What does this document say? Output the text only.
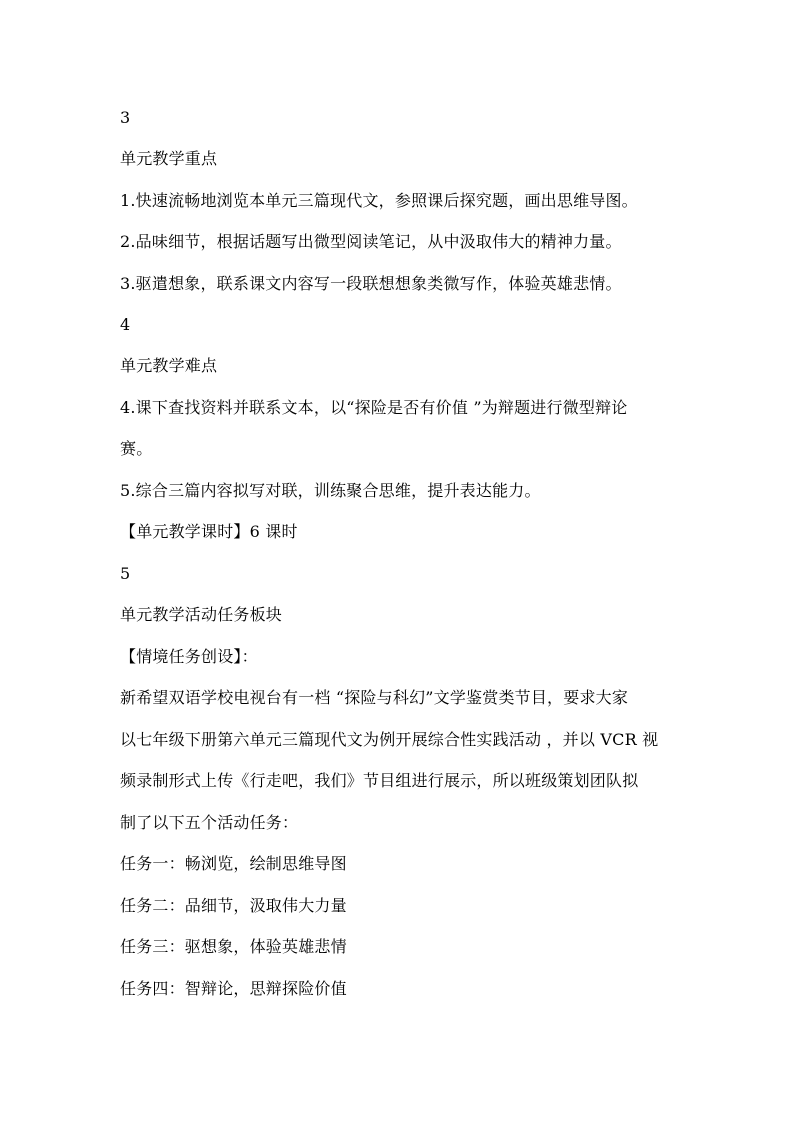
3
单元教学重点
1.快速流畅地浏览本单元三篇现代文，参照课后探究题，画出思维导图。
2.品味细节，根据话题写出微型阅读笔记，从中汲取伟大的精神力量。
3.驱遣想象，联系课文内容写一段联想想象类微写作，体验英雄悲情。
4
单元教学难点
4.课下查找资料并联系文本，以“探险是否有价值 ”为辩题进行微型辩论
赛。
5.综合三篇内容拟写对联，训练聚合思维，提升表达能力。
【单元教学课时】6 课时
5
单元教学活动任务板块
【情境任务创设】：
新希望双语学校电视台有一档 “探险与科幻”文学鉴赏类节目，要求大家
以七年级下册第六单元三篇现代文为例开展综合性实践活动 ，并以 VCR 视
频录制形式上传《行走吧，我们》节目组进行展示，所以班级策划团队拟
制了以下五个活动任务：
任务一：畅浏览，绘制思维导图
任务二：品细节，汲取伟大力量
任务三：驱想象，体验英雄悲情
任务四：智辩论，思辩探险价值
